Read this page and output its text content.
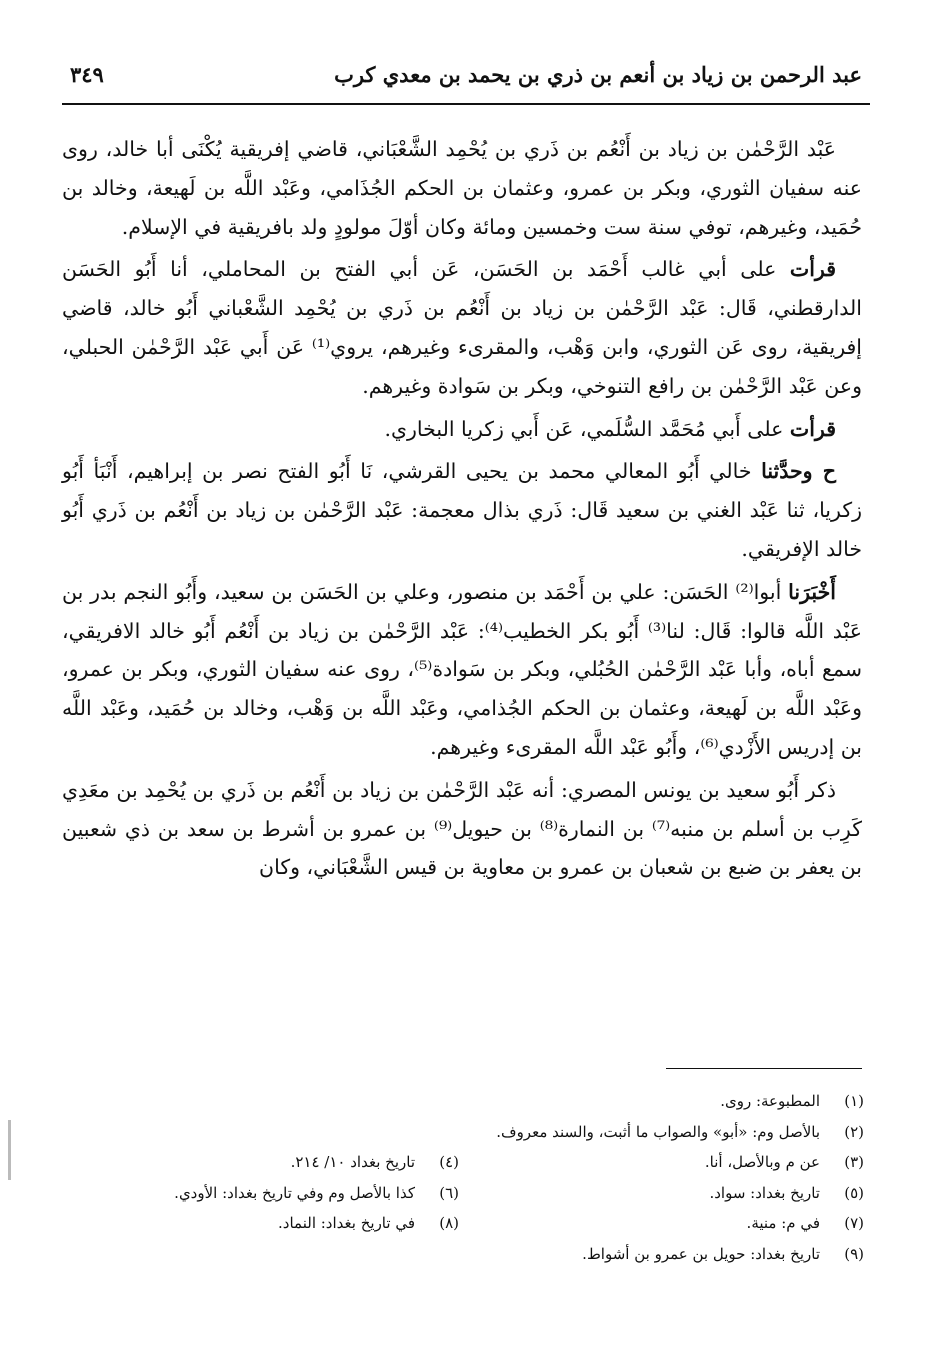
عبد الرحمن بن زياد بن أنعم بن ذري بن يحمد بن معدي كرب
٣٤٩

عَبْد الرَّحْمٰن بن زياد بن أَنْعُم بن ذَري بن يُحْمِد الشَّعْبَاني، قاضي إفريقية يُكْنَى أبا خالد، روى عنه سفيان الثوري، وبكر بن عمرو، وعثمان بن الحكم الجُذَامي، وعَبْد اللَّه بن لَهيعة، وخالد بن حُمَيد، وغيرهم، توفي سنة ست وخمسين ومائة وكان أوّلَ مولودٍ ولد بافريقية في الإسلام.

قرأت على أبي غالب أَحْمَد بن الحَسَن، عَن أبي الفتح بن المحاملي، أنا أَبُو الحَسَن الدارقطني، قَال: عَبْد الرَّحْمٰن بن زياد بن أَنْعُم بن ذَري بن يُحْمِد الشَّعْباني أَبُو خالد، قاضي إفريقية، روى عَن الثوري، وابن وَهْب، والمقرىء وغيرهم، يروي⁽¹⁾ عَن أَبي عَبْد الرَّحْمٰن الحبلي، وعن عَبْد الرَّحْمٰن بن رافع التنوخي، وبكر بن سَوادة وغيرهم.

قرأت على أَبي مُحَمَّد السُّلَمي، عَن أَبي زكريا البخاري.

ح وحدَّثنا خالي أَبُو المعالي محمد بن يحيى القرشي، نَا أَبُو الفتح نصر بن إبراهيم، أَنْبَأ أَبُو زكريا، ثنا عَبْد الغني بن سعيد قَال: ذَري بذال معجمة: عَبْد الرَّحْمٰن بن زياد بن أَنْعُم بن ذَري أَبُو خالد الإفريقي.

أَخْبَرَنا أبوا⁽²⁾ الحَسَن: علي بن أَحْمَد بن منصور، وعلي بن الحَسَن بن سعيد، وأَبُو النجم بدر بن عَبْد اللَّه قالوا: قَال: لنا⁽³⁾ أَبُو بكر الخطيب⁽⁴⁾: عَبْد الرَّحْمٰن بن زياد بن أَنْعُم أَبُو خالد الافريقي، سمع أباه، وأبا عَبْد الرَّحْمٰن الحُبُلي، وبكر بن سَوادة⁽⁵⁾، روى عنه سفيان الثوري، وبكر بن عمرو، وعَبْد اللَّه بن لَهيعة، وعثمان بن الحكم الجُذامي، وعَبْد اللَّه بن وَهْب، وخالد بن حُمَيد، وعَبْد اللَّه بن إدريس الأَزْدي⁽⁶⁾، وأَبُو عَبْد اللَّه المقرىء وغيرهم.

ذكر أَبُو سعيد بن يونس المصري: أنه عَبْد الرَّحْمٰن بن زياد بن أَنْعُم بن ذَري بن يُحْمِد بن معَدِي كَرِب بن أسلم بن منبه⁽⁷⁾ بن النمارة⁽⁸⁾ بن حيويل⁽⁹⁾ بن عمرو بن أشرط بن سعد بن ذي شعبين بن يعفر بن ضبع بن شعبان بن عمرو بن معاوية بن قيس الشَّعْبَاني، وكان

(١)
المطبوعة: روى.
(٢)
بالأصل وم: «أبو» والصواب ما أثبت، والسند معروف.
(٣)
عن م وبالأصل، أنا.
(٤)
تاريخ بغداد ١٠/ ٢١٤.
(٥)
تاريخ بغداد: سواد.
(٦)
كذا بالأصل وم وفي تاريخ بغداد: الأودي.
(٧)
في م: منية.
(٨)
في تاريخ بغداد: النماد.
(٩)
تاريخ بغداد: حويل بن عمرو بن أشواط.
